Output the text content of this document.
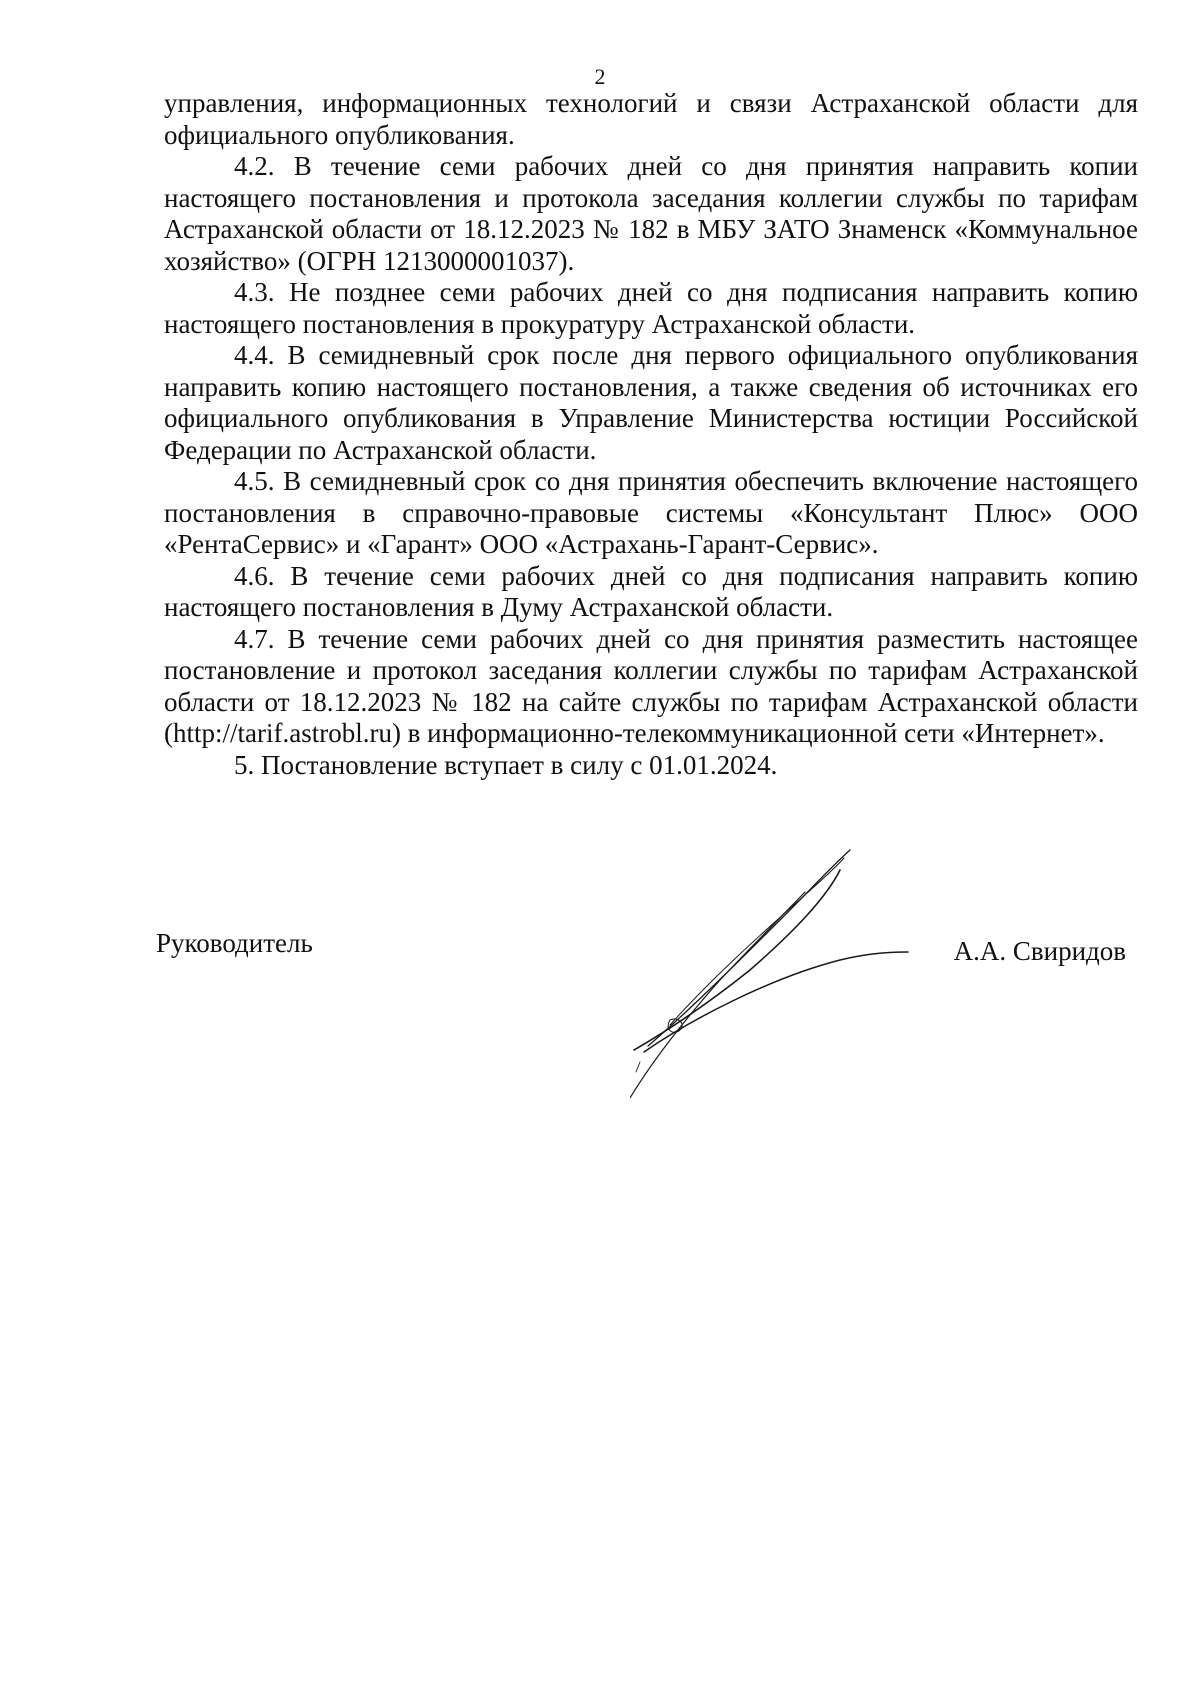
2

управления, информационных технологий и связи Астраханской области для официального опубликования.

4.2. В течение семи рабочих дней со дня принятия направить копии настоящего постановления и протокола заседания коллегии службы по тарифам Астраханской области от 18.12.2023 № 182 в МБУ ЗАТО Знаменск «Коммунальное хозяйство» (ОГРН 1213000001037).

4.3. Не позднее семи рабочих дней со дня подписания направить копию настоящего постановления в прокуратуру Астраханской области.

4.4. В семидневный срок после дня первого официального опубликования направить копию настоящего постановления, а также сведения об источниках его официального опубликования в Управление Министерства юстиции Российской Федерации по Астраханской области.

4.5. В семидневный срок со дня принятия обеспечить включение настоящего постановления в справочно-правовые системы «Консультант Плюс» ООО «РентаСервис» и «Гарант» ООО «Астрахань-Гарант-Сервис».

4.6. В течение семи рабочих дней со дня подписания направить копию настоящего постановления в Думу Астраханской области.

4.7. В течение семи рабочих дней со дня принятия разместить настоящее постановление и протокол заседания коллегии службы по тарифам Астраханской области от 18.12.2023 № 182 на сайте службы по тарифам Астраханской области (http://tarif.astrobl.ru) в информационно-телекоммуникационной сети «Интернет».

5. Постановление вступает в силу с 01.01.2024.

Руководитель	А.А. Свиридов
